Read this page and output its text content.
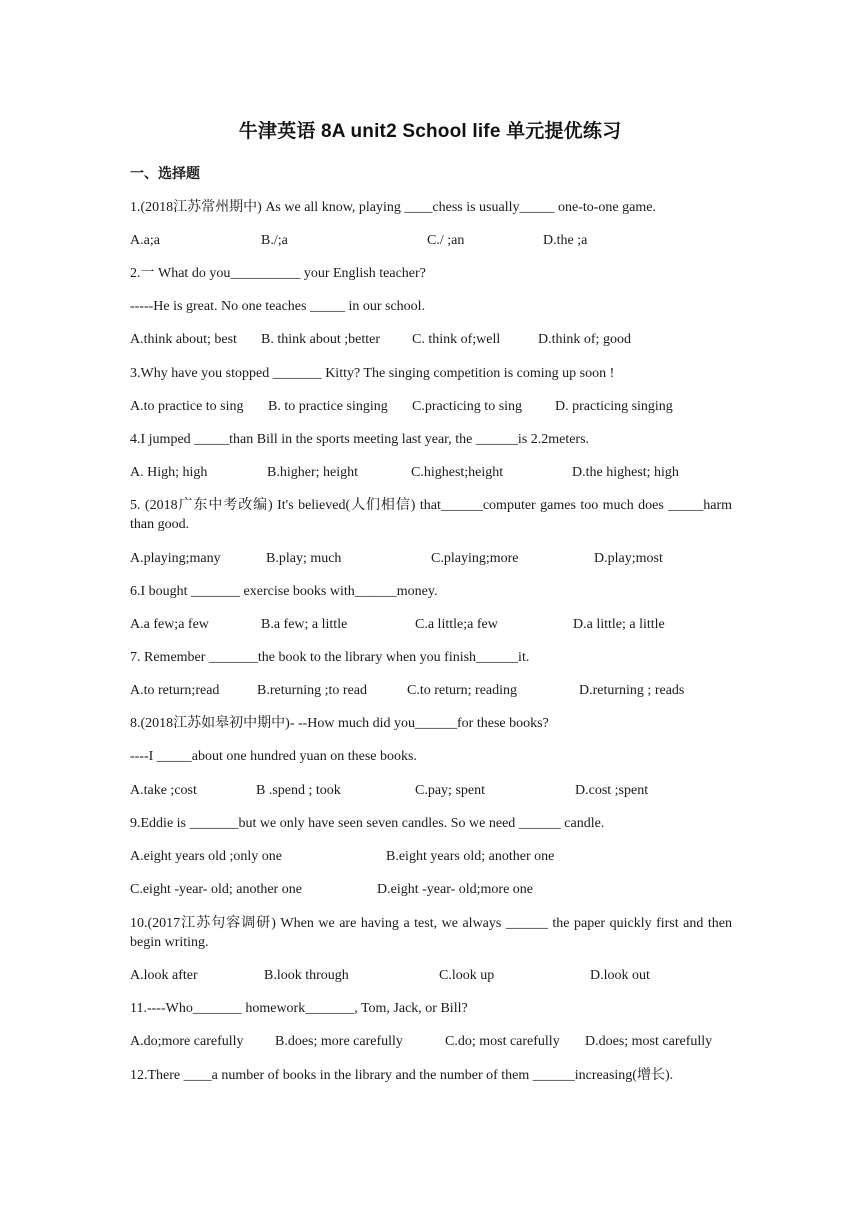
牛津英语 8A unit2 School life 单元提优练习
一、选择题
1.(2018江苏常州期中) As we all know, playing ____chess is usually_____ one-to-one game.
A.a;a	B./;a	C./ ;an	D.the ;a
2.一 What do you__________ your English teacher?
-----He is great. No one teaches _____ in our school.
A.think about; best B. think about ;better C. think of;well	D.think of; good
3.Why have you stopped _______ Kitty? The singing competition is coming up soon !
A.to practice to sing B. to practice singing C.practicing to sing D. practicing singing
4.I jumped _____than Bill in the sports meeting last year, the ______is 2.2meters.
A. High; high	B.higher; height	C.highest;height	D.the highest; high
5. (2018广东中考改编) It's believed(人们相信) that______computer games too much does _____harm than good.
A.playing;many	B.play; much	C.playing;more	D.play;most
6.I bought _______ exercise books with______money.
A.a few;a few	B.a few; a little	C.a little;a few	D.a little; a little
7. Remember _______the book to the library when you finish______it.
A.to return;read	B.returning ;to read	C.to return; reading	D.returning ; reads
8.(2018江苏如皋初中期中)- --How much did you______for these books?
----I _____about one hundred yuan on these books.
A.take ;cost	B .spend ; took	C.pay; spent	D.cost ;spent
9.Eddie is _______but we only have seen seven candles. So we need ______ candle.
A.eight years old ;only one	B.eight years old; another one
C.eight -year- old; another one	D.eight -year- old;more one
10.(2017江苏句容调研) When we are having a test, we always ______ the paper quickly first and then begin writing.
A.look after	B.look through	C.look up	D.look out
11.----Who_______ homework_______, Tom, Jack, or Bill?
A.do;more carefully B.does; more carefully	C.do; most carefully D.does; most carefully
12.There ____a number of books in the library and the number of them ______increasing(增长).
